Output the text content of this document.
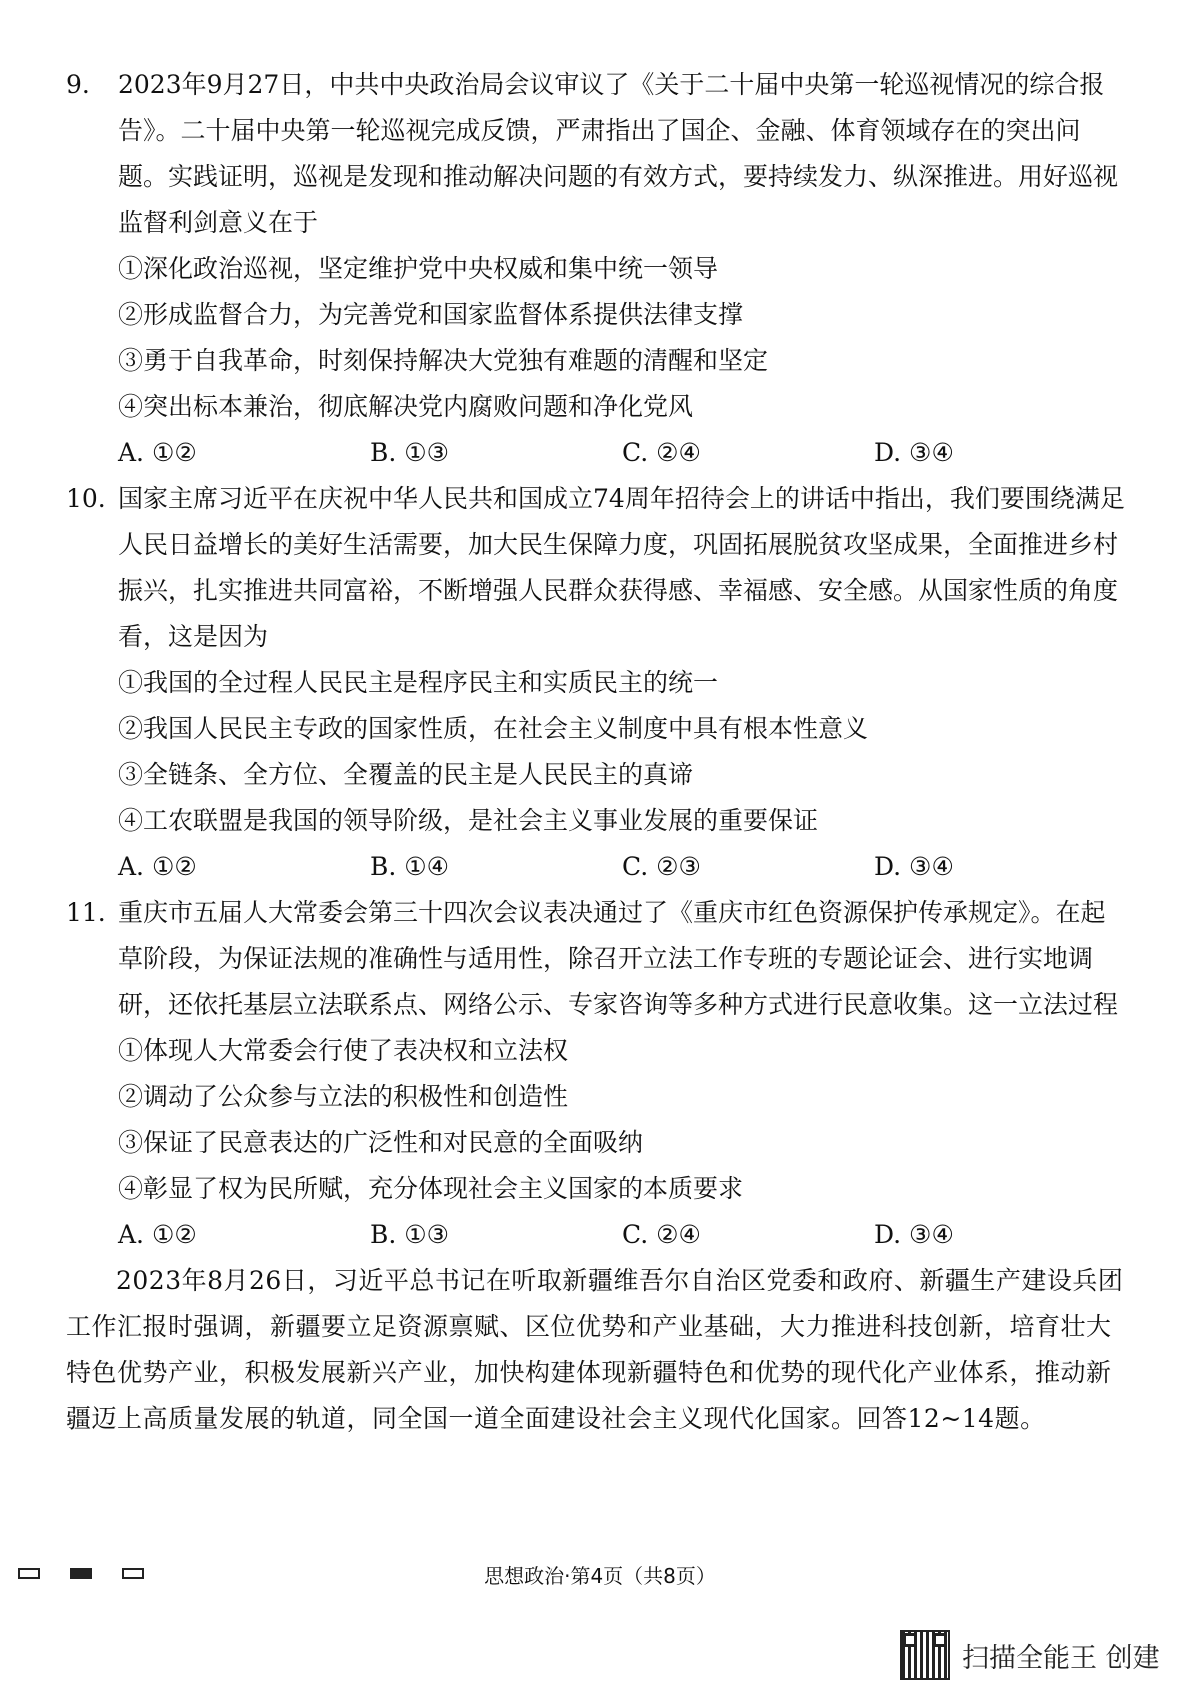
9.	2023年9月27日，中共中央政治局会议审议了《关于二十届中央第一轮巡视情况的综合报告》。二十届中央第一轮巡视完成反馈，严肃指出了国企、金融、体育领域存在的突出问题。实践证明，巡视是发现和推动解决问题的有效方式，要持续发力、纵深推进。用好巡视监督利剑意义在于

①深化政治巡视，坚定维护党中央权威和集中统一领导

②形成监督合力，为完善党和国家监督体系提供法律支撑

③勇于自我革命，时刻保持解决大党独有难题的清醒和坚定

④突出标本兼治，彻底解决党内腐败问题和净化党风

A. ①②	B. ①③	C. ②④	D. ③④

10. 国家主席习近平在庆祝中华人民共和国成立74周年招待会上的讲话中指出，我们要围绕满足人民日益增长的美好生活需要，加大民生保障力度，巩固拓展脱贫攻坚成果，全面推进乡村振兴，扎实推进共同富裕，不断增强人民群众获得感、幸福感、安全感。从国家性质的角度看，这是因为

①我国的全过程人民民主是程序民主和实质民主的统一

②我国人民民主专政的国家性质，在社会主义制度中具有根本性意义

③全链条、全方位、全覆盖的民主是人民民主的真谛

④工农联盟是我国的领导阶级，是社会主义事业发展的重要保证

A. ①②	B. ①④	C. ②③	D. ③④

11. 重庆市五届人大常委会第三十四次会议表决通过了《重庆市红色资源保护传承规定》。在起草阶段，为保证法规的准确性与适用性，除召开立法工作专班的专题论证会、进行实地调研，还依托基层立法联系点、网络公示、专家咨询等多种方式进行民意收集。这一立法过程

①体现人大常委会行使了表决权和立法权

②调动了公众参与立法的积极性和创造性

③保证了民意表达的广泛性和对民意的全面吸纳

④彰显了权为民所赋，充分体现社会主义国家的本质要求

A. ①②	B. ①③	C. ②④	D. ③④

2023年8月26日，习近平总书记在听取新疆维吾尔自治区党委和政府、新疆生产建设兵团工作汇报时强调，新疆要立足资源禀赋、区位优势和产业基础，大力推进科技创新，培育壮大特色优势产业，积极发展新兴产业，加快构建体现新疆特色和优势的现代化产业体系，推动新疆迈上高质量发展的轨道，同全国一道全面建设社会主义现代化国家。回答12~14题。

思想政治·第4页（共8页）
扫描全能王 创建
